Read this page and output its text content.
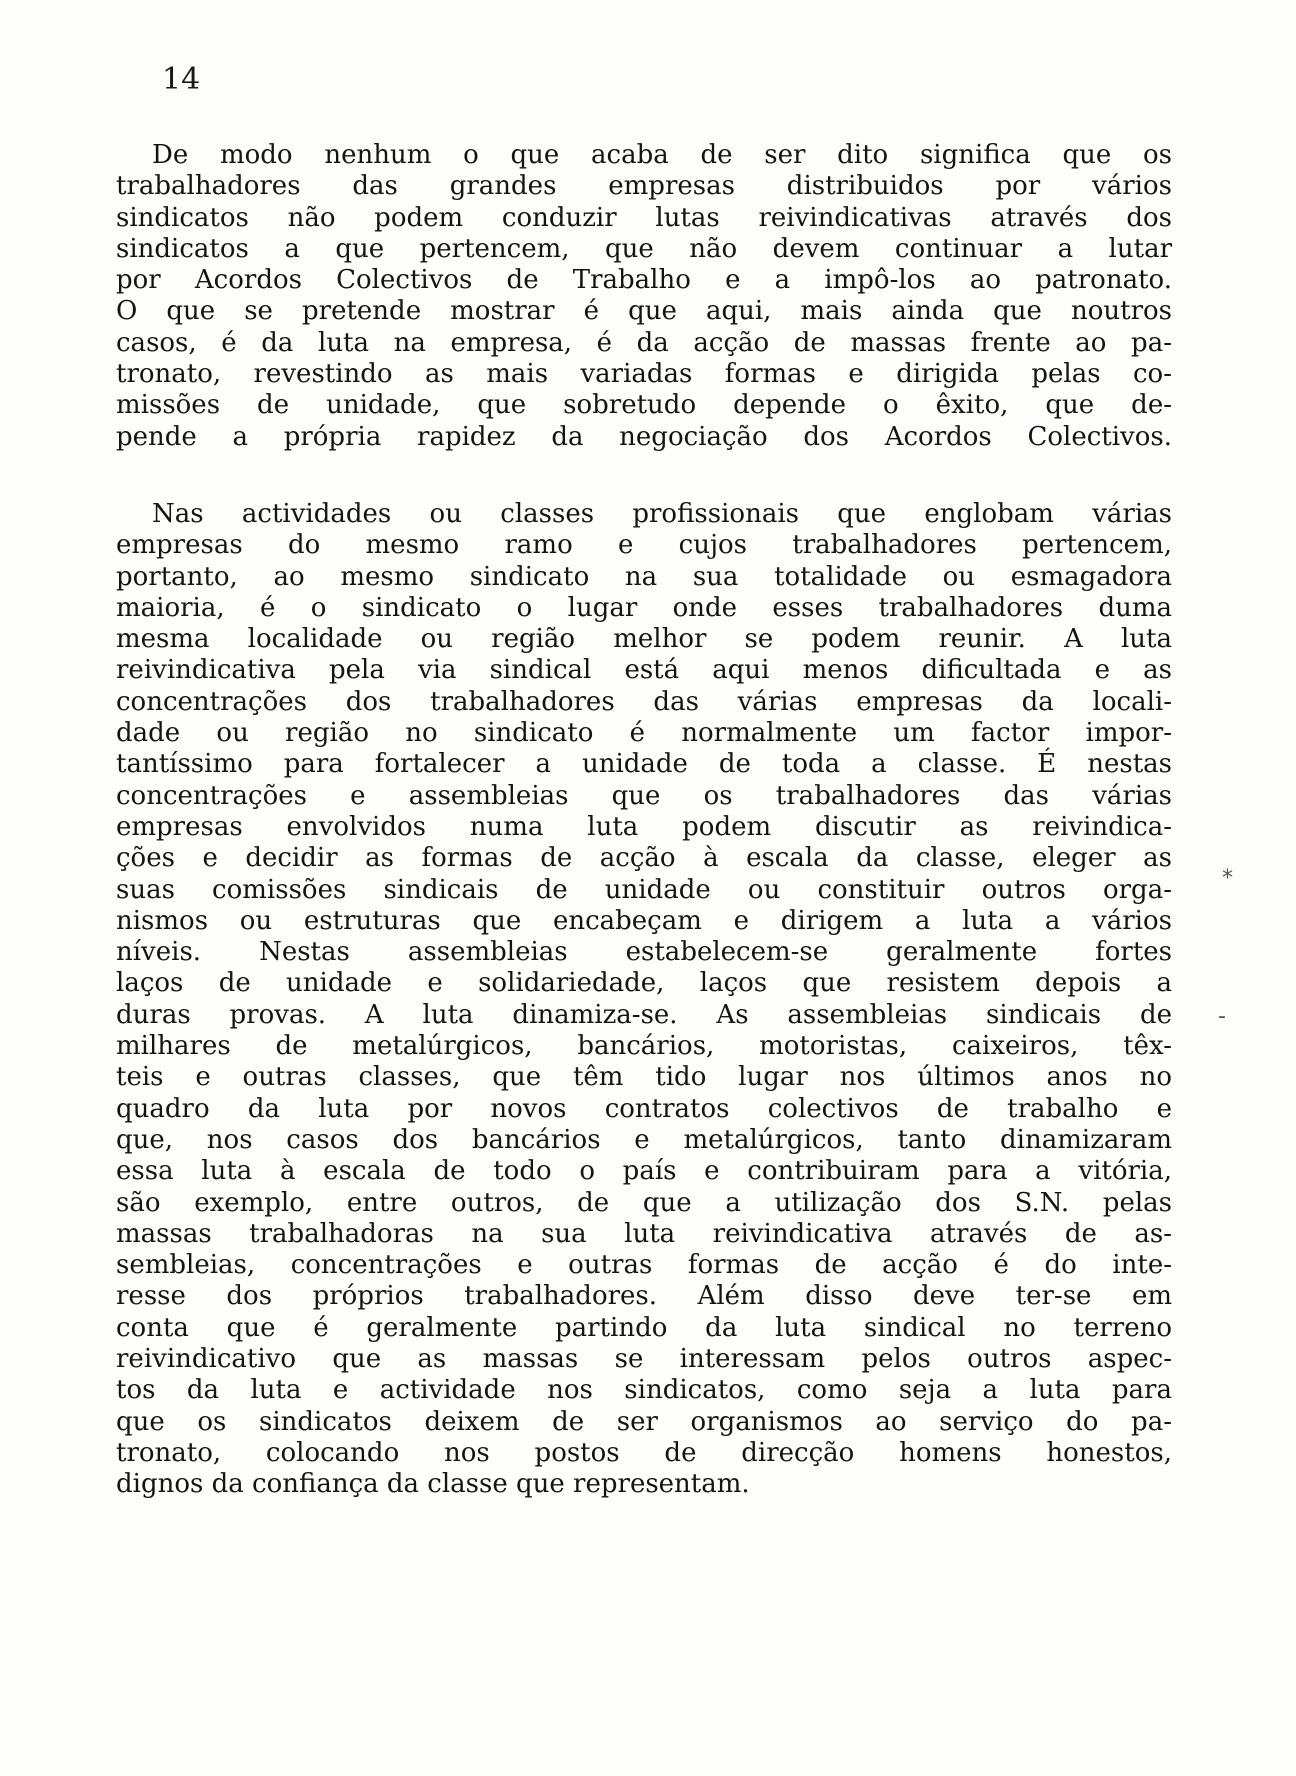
14

De modo nenhum o que acaba de ser dito significa que os
trabalhadores das grandes empresas distribuidos por vários
sindicatos não podem conduzir lutas reivindicativas através dos
sindicatos a que pertencem, que não devem continuar a lutar
por Acordos Colectivos de Trabalho e a impô-los ao patronato.
O que se pretende mostrar é que aqui, mais ainda que noutros
casos, é da luta na empresa, é da acção de massas frente ao pa-
tronato, revestindo as mais variadas formas e dirigida pelas co-
missões de unidade, que sobretudo depende o êxito, que de-
pende a própria rapidez da negociação dos Acordos Colectivos.
Nas actividades ou classes profissionais que englobam várias
empresas do mesmo ramo e cujos trabalhadores pertencem,
portanto, ao mesmo sindicato na sua totalidade ou esmagadora
maioria, é o sindicato o lugar onde esses trabalhadores duma
mesma localidade ou região melhor se podem reunir. A luta
reivindicativa pela via sindical está aqui menos dificultada e as
concentrações dos trabalhadores das várias empresas da locali-
dade ou região no sindicato é normalmente um factor impor-
tantíssimo para fortalecer a unidade de toda a classe. É nestas
concentrações e assembleias que os trabalhadores das várias
empresas envolvidos numa luta podem discutir as reivindica-
ções e decidir as formas de acção à escala da classe, eleger as
suas comissões sindicais de unidade ou constituir outros orga-
nismos ou estruturas que encabeçam e dirigem a luta a vários
níveis. Nestas assembleias estabelecem-se geralmente fortes
laços de unidade e solidariedade, laços que resistem depois a
duras provas. A luta dinamiza-se. As assembleias sindicais de
milhares de metalúrgicos, bancários, motoristas, caixeiros, têx-
teis e outras classes, que têm tido lugar nos últimos anos no
quadro da luta por novos contratos colectivos de trabalho e
que, nos casos dos bancários e metalúrgicos, tanto dinamizaram
essa luta à escala de todo o país e contribuiram para a vitória,
são exemplo, entre outros, de que a utilização dos S.N. pelas
massas trabalhadoras na sua luta reivindicativa através de as-
sembleias, concentrações e outras formas de acção é do inte-
resse dos próprios trabalhadores. Além disso deve ter-se em
conta que é geralmente partindo da luta sindical no terreno
reivindicativo que as massas se interessam pelos outros aspec-
tos da luta e actividade nos sindicatos, como seja a luta para
que os sindicatos deixem de ser organismos ao serviço do pa-
tronato, colocando nos postos de direcção homens honestos,
dignos da confiança da classe que representam.
*
-
